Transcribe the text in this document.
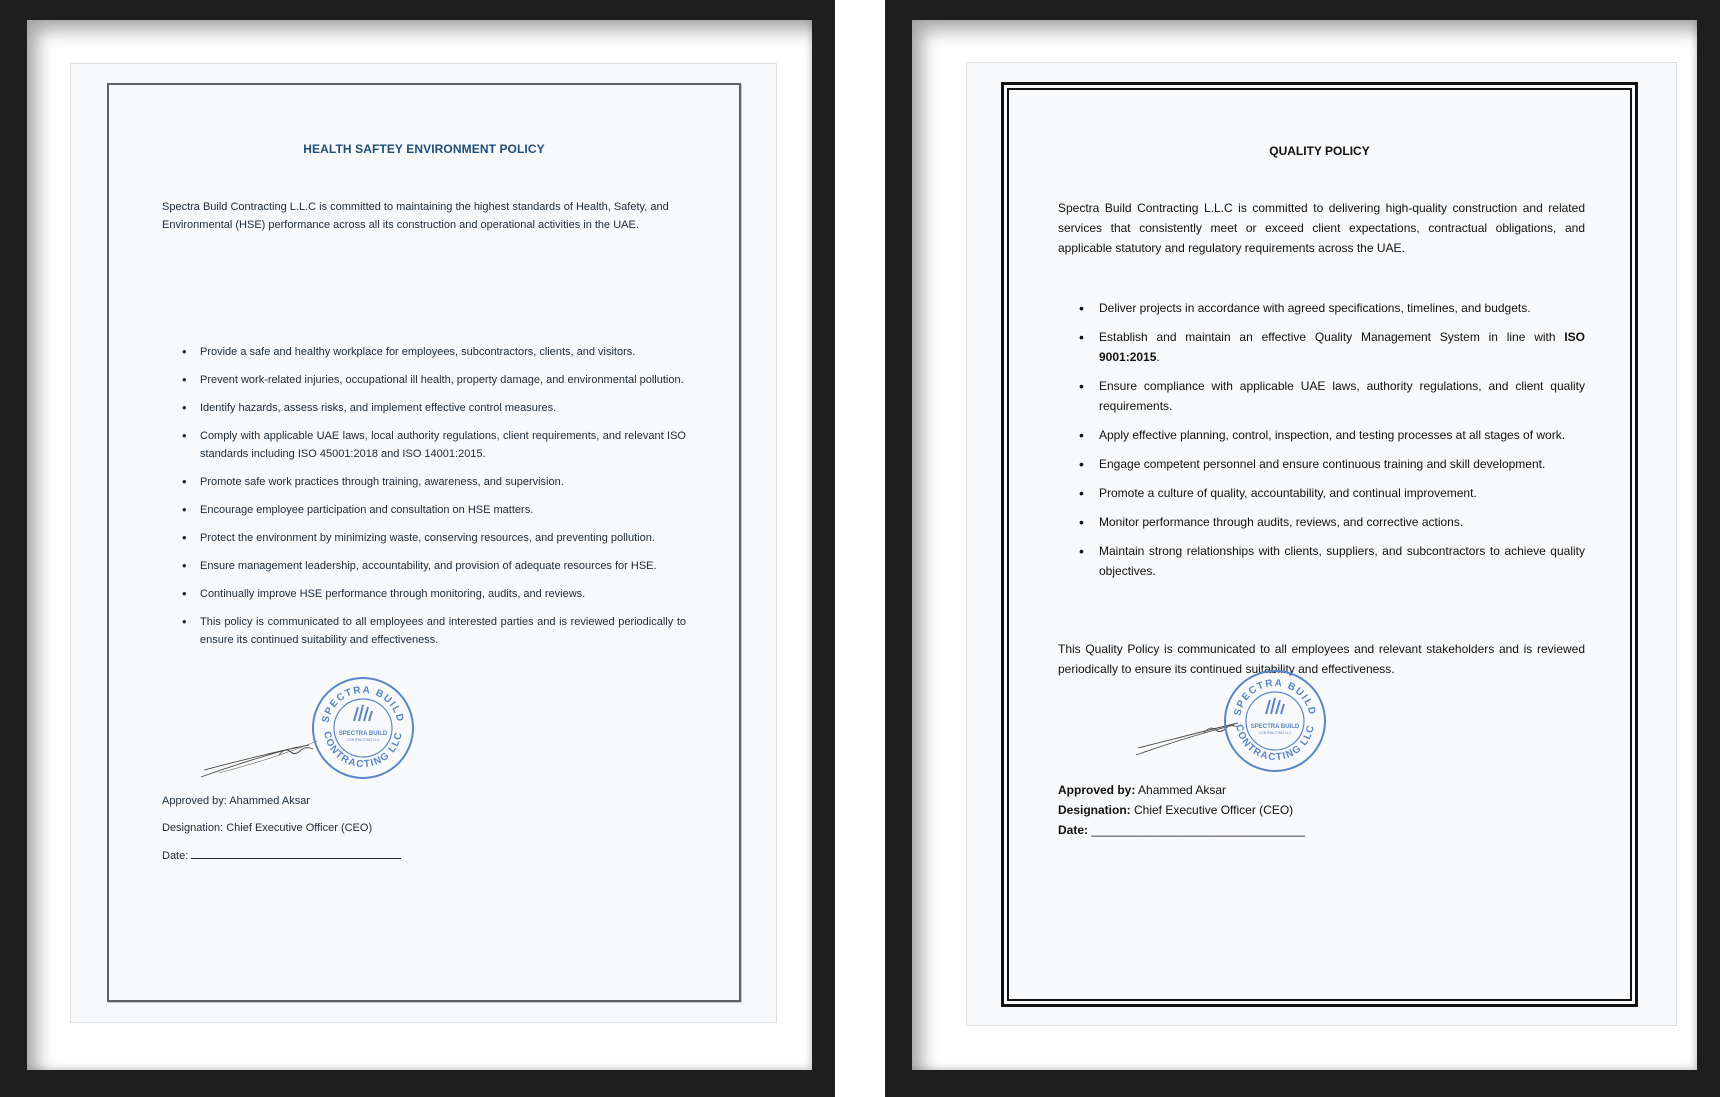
HEALTH SAFTEY ENVIRONMENT POLICY

Spectra Build Contracting L.L.C is committed to maintaining the highest standards of Health, Safety, and Environmental (HSE) performance across all its construction and operational activities in the UAE.

• Provide a safe and healthy workplace for employees, subcontractors, clients, and visitors.
• Prevent work-related injuries, occupational ill health, property damage, and environmental pollution.
• Identify hazards, assess risks, and implement effective control measures.
• Comply with applicable UAE laws, local authority regulations, client requirements, and relevant ISO standards including ISO 45001:2018 and ISO 14001:2015.
• Promote safe work practices through training, awareness, and supervision.
• Encourage employee participation and consultation on HSE matters.
• Protect the environment by minimizing waste, conserving resources, and preventing pollution.
• Ensure management leadership, accountability, and provision of adequate resources for HSE.
• Continually improve HSE performance through monitoring, audits, and reviews.
• This policy is communicated to all employees and interested parties and is reviewed periodically to ensure its continued suitability and effectiveness.
SPECTRA BUILD
CONTRACTING LLC
SPECTRA BUILD
CONTRACTING LLC
Approved by: Ahammed Aksar
Designation: Chief Executive Officer (CEO)
Date:
QUALITY POLICY

Spectra Build Contracting L.L.C is committed to delivering high-quality construction and related services that consistently meet or exceed client expectations, contractual obligations, and applicable statutory and regulatory requirements across the UAE.

• Deliver projects in accordance with agreed specifications, timelines, and budgets.
• Establish and maintain an effective Quality Management System in line with ISO 9001:2015.
• Ensure compliance with applicable UAE laws, authority regulations, and client quality requirements.
• Apply effective planning, control, inspection, and testing processes at all stages of work.
• Engage competent personnel and ensure continuous training and skill development.
• Promote a culture of quality, accountability, and continual improvement.
• Monitor performance through audits, reviews, and corrective actions.
• Maintain strong relationships with clients, suppliers, and subcontractors to achieve quality objectives.

This Quality Policy is communicated to all employees and relevant stakeholders and is reviewed periodically to ensure its continued suitability and effectiveness.

SPECTRA BUILD
CONTRACTING LLC
SPECTRA BUILD
CONTRACTING LLC
Approved by: Ahammed Aksar
Designation: Chief Executive Officer (CEO)
Date: ________________________________
